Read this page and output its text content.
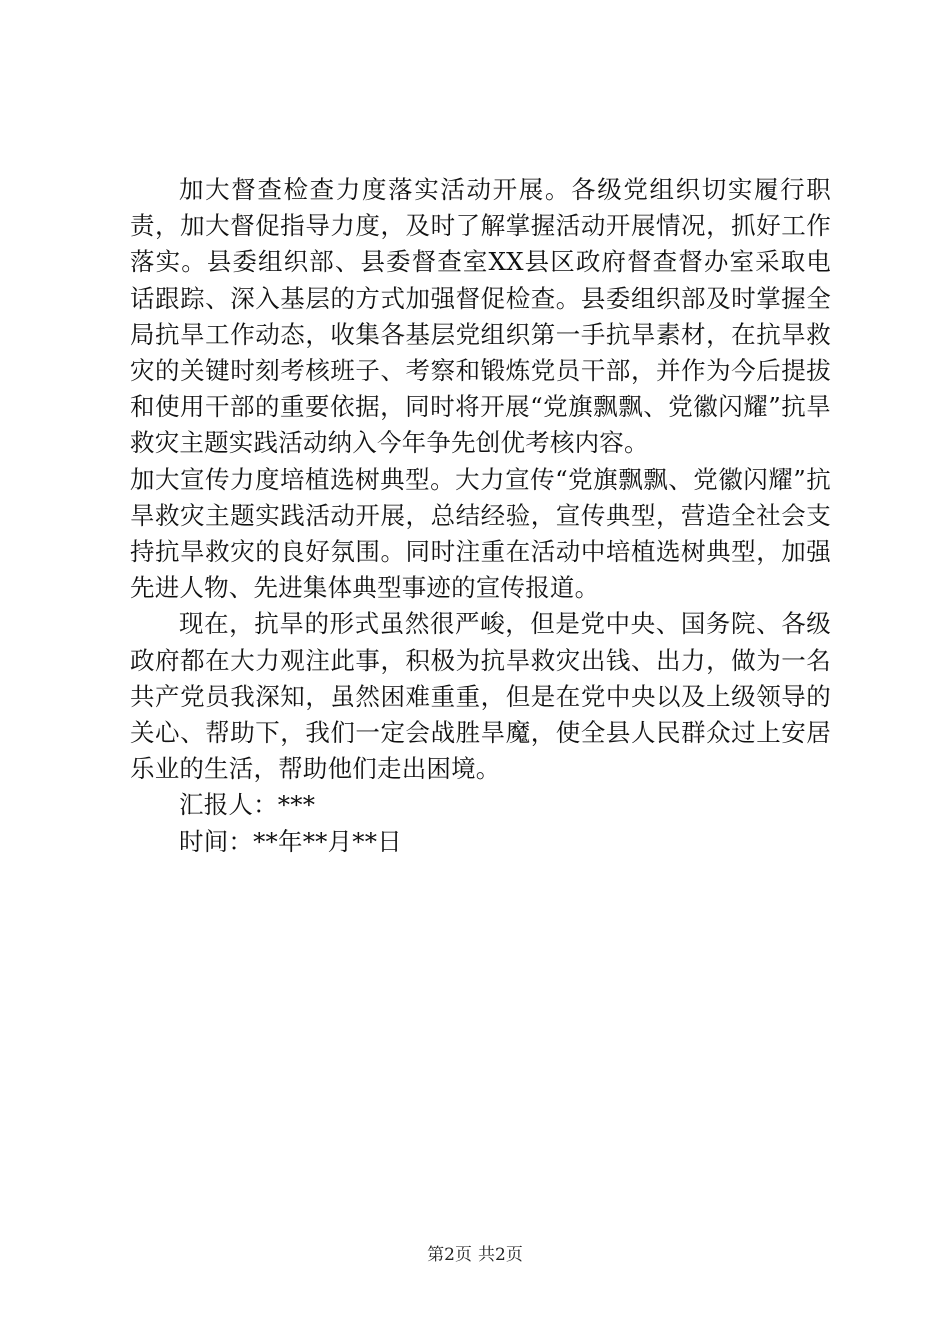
加大督查检查力度落实活动开展。各级党组织切实履行职责，加大督促指导力度，及时了解掌握活动开展情况，抓好工作落实。县委组织部、县委督查室XX县区政府督查督办室采取电话跟踪、深入基层的方式加强督促检查。县委组织部及时掌握全局抗旱工作动态，收集各基层党组织第一手抗旱素材，在抗旱救灾的关键时刻考核班子、考察和锻炼党员干部，并作为今后提拔和使用干部的重要依据，同时将开展“党旗飘飘、党徽闪耀”抗旱救灾主题实践活动纳入今年争先创优考核内容。

加大宣传力度培植选树典型。大力宣传“党旗飘飘、党徽闪耀”抗旱救灾主题实践活动开展，总结经验，宣传典型，营造全社会支持抗旱救灾的良好氛围。同时注重在活动中培植选树典型，加强先进人物、先进集体典型事迹的宣传报道。

现在，抗旱的形式虽然很严峻，但是党中央、国务院、各级政府都在大力观注此事，积极为抗旱救灾出钱、出力，做为一名共产党员我深知，虽然困难重重，但是在党中央以及上级领导的关心、帮助下，我们一定会战胜旱魔，使全县人民群众过上安居乐业的生活，帮助他们走出困境。

汇报人：***

时间：**年**月**日

第2页 共2页
